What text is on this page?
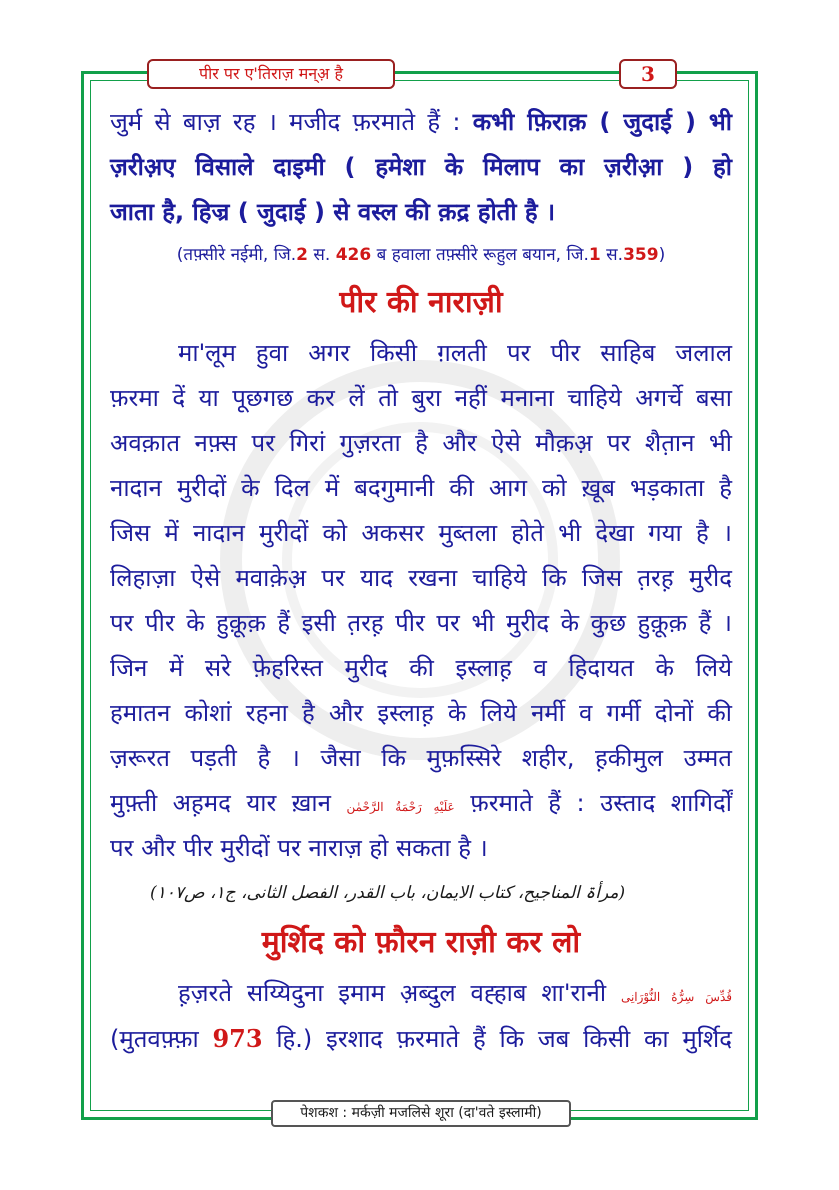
पीर पर ए'तिराज़ मन्अ़ है	3
जुर्म से बाज़ रह । मजीद फ़रमाते हैं : कभी फ़िराक़ ( जुदाई ) भी
ज़रीअ़ए विसाले दाइमी ( हमेशा के मिलाप का ज़रीआ़ ) हो
जाता है, हिज्र ( जुदाई ) से वस्ल की क़द्र होती है ।
(तफ़्सीरे नईमी, जि.2 स. 426 ब हवाला तफ़्सीरे रूहुल बयान, जि.1 स.359)
पीर की नाराज़ी
मा'लूम हुवा अगर किसी ग़लती पर पीर साहिब जलाल
फ़रमा दें या पूछगछ कर लें तो बुरा नहीं मनाना चाहिये अगर्चे बसा
अवक़ात नफ़्स पर गिरां गुज़रता है और ऐसे मौक़अ़ पर शैत़ान भी
नादान मुरीदों के दिल में बदगुमानी की आग को ख़ूब भड़काता है
जिस में नादान मुरीदों को अकसर मुब्तला होते भी देखा गया है ।
लिहाज़ा ऐसे मवाक़ेअ़ पर याद रखना चाहिये कि जिस त़रह़ मुरीद
पर पीर के हुक़ूक़ हैं इसी त़रह़ पीर पर भी मुरीद के कुछ हुक़ूक़ हैं ।
जिन में सरे फ़ेहरिस्त मुरीद की इस्लाह़ व हिदायत के लिये
हमातन कोशां रहना है और इस्लाह़ के लिये नर्मी व गर्मी दोनों की
ज़रूरत पड़ती है । जैसा कि मुफ़स्सिरे शहीर, ह़कीमुल उम्मत
मुफ़्ती अह़मद यार ख़ान عَلَيْهِ رَحْمَةُ الرَّحْمٰن फ़रमाते हैं : उस्ताद शागिर्दों
पर और पीर मुरीदों पर नाराज़ हो सकता है ।
(مرأۃ المناجیح، کتاب الایمان، باب القدر، الفصل الثانی، ج۱، ص۱۰۷)
मुर्शिद को फ़ौरन राज़ी कर लो
ह़ज़रते सय्यिदुना इमाम अ़ब्दुल वह्हाब शा'रानी قُدِّسَ سِرُّهُ النُّوْرَانِی
(मुतवफ़्फ़ा 973 हि.) इरशाद फ़रमाते हैं कि जब किसी का मुर्शिद
पेशकश : मर्कज़ी मजलिसे शूरा (दा'वते इस्लामी)
